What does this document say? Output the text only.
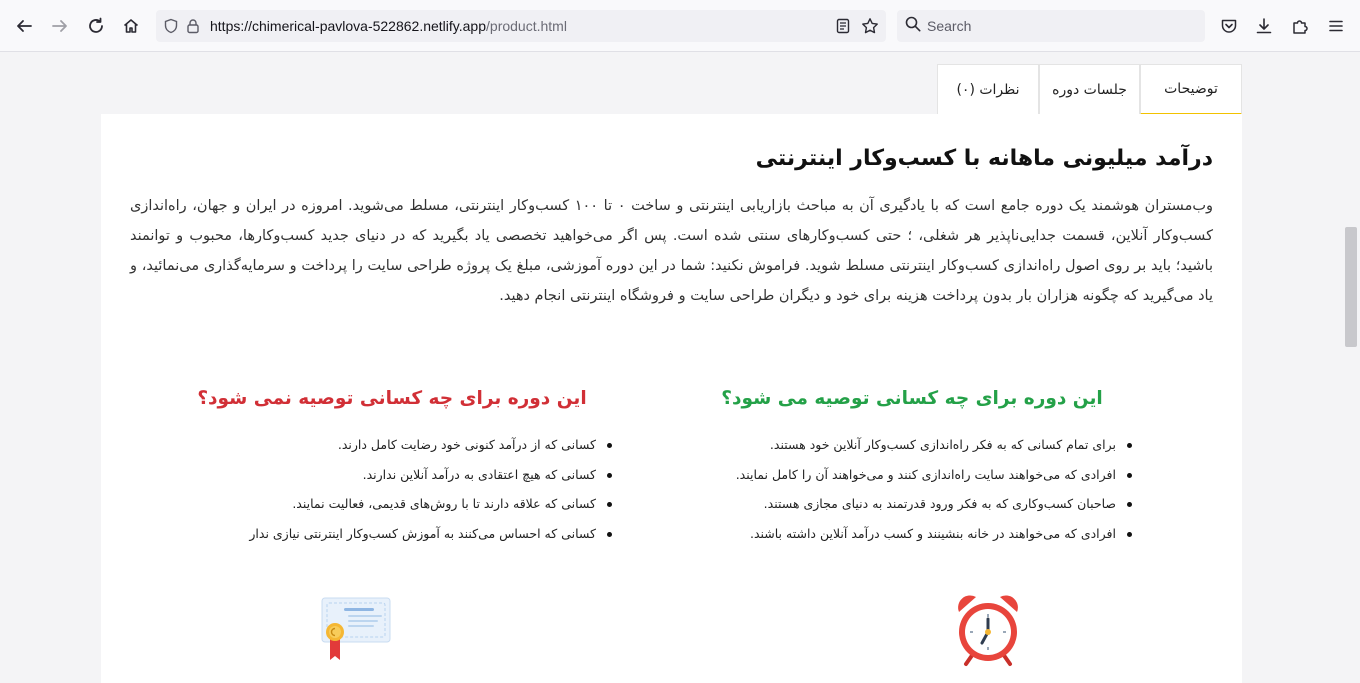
https://chimerical-pavlova-522862.netlify.app/product.html
Search
توضیحات
جلسات دوره
نظرات (۰)
درآمد میلیونی ماهانه با کسب‌وکار اینترنتی

وب‌مستران هوشمند یک دوره جامع است که با یادگیری آن به مباحث بازاریابی اینترنتی و ساخت ۰ تا ۱۰۰ کسب‌وکار اینترنتی، مسلط می‌شوید. امروزه در ایران و جهان، راه‌اندازی کسب‌وکار آنلاین، قسمت جدایی‌ناپذیر هر شغلی، ؛ حتی کسب‌وکارهای سنتی شده است. پس اگر می‌خواهید تخصصی یاد بگیرید که در دنیای جدید کسب‌وکارها، محبوب و توانمند باشید؛ باید بر روی اصول راه‌اندازی کسب‌وکار اینترنتی مسلط شوید. فراموش نکنید: شما در این دوره آموزشی، مبلغ یک پروژه طراحی سایت را پرداخت و سرمایه‌گذاری می‌نمائید، و یاد می‌گیرید که چگونه هزاران بار بدون پرداخت هزینه برای خود و دیگران طراحی سایت و فروشگاه اینترنتی انجام دهید.

این دوره برای چه کسانی توصیه می شود؟
برای تمام کسانی که به فکر راه‌اندازی کسب‌وکار آنلاین خود هستند.
افرادی که می‌خواهند سایت راه‌اندازی کنند و می‌خواهند آن را کامل نمایند.
صاحبان کسب‌وکاری که به فکر ورود قدرتمند به دنیای مجازی هستند.
افرادی که می‌خواهند در خانه بنشینند و کسب درآمد آنلاین داشته باشند.
این دوره برای چه کسانی توصیه نمی شود؟
کسانی که از درآمد کنونی خود رضایت کامل دارند.
کسانی که هیچ اعتقادی به درآمد آنلاین ندارند.
کسانی که علاقه دارند تا با روش‌های قدیمی، فعالیت نمایند.
کسانی که احساس می‌کنند به آموزش کسب‌وکار اینترنتی نیازی ندار
